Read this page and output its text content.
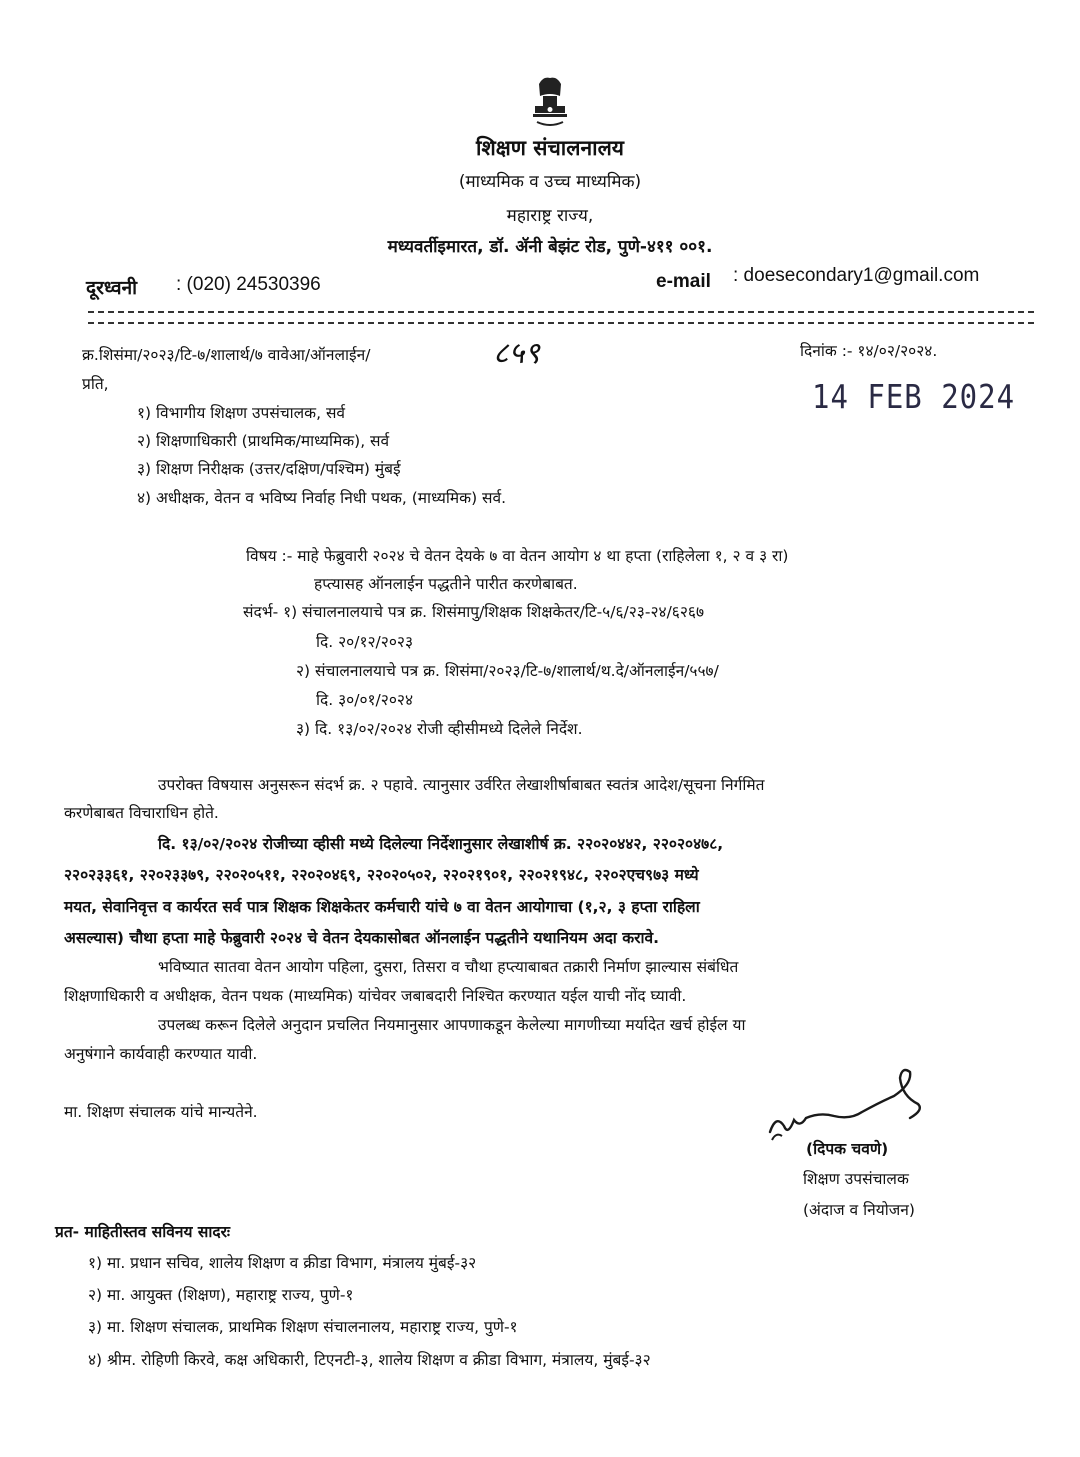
शिक्षण संचालनालय
(माध्यमिक व उच्च माध्यमिक)
महाराष्ट्र राज्य,
मध्यवर्तीइमारत, डॉ. ॲनी बेझंट रोड, पुणे-४११ ००१.
दूरध्वनी : (020) 24530396	e-mail : doesecondary1@gmail.com
क्र.शिसंमा/२०२३/टि-७/शालार्थ/७ वावेआ/ऑनलाईन/	८५९	दिनांक :- १४/०२/२०२४.
14 FEB 2024
प्रति,
१) विभागीय शिक्षण उपसंचालक, सर्व
२) शिक्षणाधिकारी (प्राथमिक/माध्यमिक), सर्व
३) शिक्षण निरीक्षक (उत्तर/दक्षिण/पश्चिम) मुंबई
४) अधीक्षक, वेतन व भविष्य निर्वाह निधी पथक, (माध्यमिक) सर्व.
विषय :- माहे फेब्रुवारी २०२४ चे वेतन देयके ७ वा वेतन आयोग ४ था हप्ता (राहिलेला १, २ व ३ रा)
हप्त्यासह ऑनलाईन पद्धतीने पारीत करणेबाबत.
संदर्भ- १) संचालनालयाचे पत्र क्र. शिसंमापु/शिक्षक शिक्षकेतर/टि-५/६/२३-२४/६२६७
दि. २०/१२/२०२३
२) संचालनालयाचे पत्र क्र. शिसंमा/२०२३/टि-७/शालार्थ/थ.दे/ऑनलाईन/५५७/
दि. ३०/०१/२०२४
३) दि. १३/०२/२०२४ रोजी व्हीसीमध्ये दिलेले निर्देश.
उपरोक्त विषयास अनुसरून संदर्भ क्र. २ पहावे. त्यानुसार उर्वरित लेखाशीर्षाबाबत स्वतंत्र आदेश/सूचना निर्गमित
करणेबाबत विचाराधिन होते.
दि. १३/०२/२०२४ रोजीच्या व्हीसी मध्ये दिलेल्या निर्देशानुसार लेखाशीर्ष क्र. २२०२०४४२, २२०२०४७८,
२२०२३३६१, २२०२३३७९, २२०२०५११, २२०२०४६९, २२०२०५०२, २२०२१९०१, २२०२१९४८, २२०२एच९७३ मध्ये
मयत, सेवानिवृत्त व कार्यरत सर्व पात्र शिक्षक शिक्षकेतर कर्मचारी यांचे ७ वा वेतन आयोगाचा (१,२, ३ हप्ता राहिला
असल्यास) चौथा हप्ता माहे फेब्रुवारी २०२४ चे वेतन देयकासोबत ऑनलाईन पद्धतीने यथानियम अदा करावे.
भविष्यात सातवा वेतन आयोग पहिला, दुसरा, तिसरा व चौथा हप्त्याबाबत तक्रारी निर्माण झाल्यास संबंधित
शिक्षणाधिकारी व अधीक्षक, वेतन पथक (माध्यमिक) यांचेवर जबाबदारी निश्चित करण्यात यईल याची नोंद घ्यावी.
उपलब्ध करून दिलेले अनुदान प्रचलित नियमानुसार आपणाकडून केलेल्या मागणीच्या मर्यादेत खर्च होईल या
अनुषंगाने कार्यवाही करण्यात यावी.
मा. शिक्षण संचालक यांचे मान्यतेने.
(दिपक चवणे)
शिक्षण उपसंचालक
(अंदाज व नियोजन)
प्रत- माहितीस्तव सविनय सादरः
१) मा. प्रधान सचिव, शालेय शिक्षण व क्रीडा विभाग, मंत्रालय मुंबई-३२
२) मा. आयुक्त (शिक्षण), महाराष्ट्र राज्य, पुणे-१
३) मा. शिक्षण संचालक, प्राथमिक शिक्षण संचालनालय, महाराष्ट्र राज्य, पुणे-१
४) श्रीम. रोहिणी किरवे, कक्ष अधिकारी, टिएनटी-३, शालेय शिक्षण व क्रीडा विभाग, मंत्रालय, मुंबई-३२
